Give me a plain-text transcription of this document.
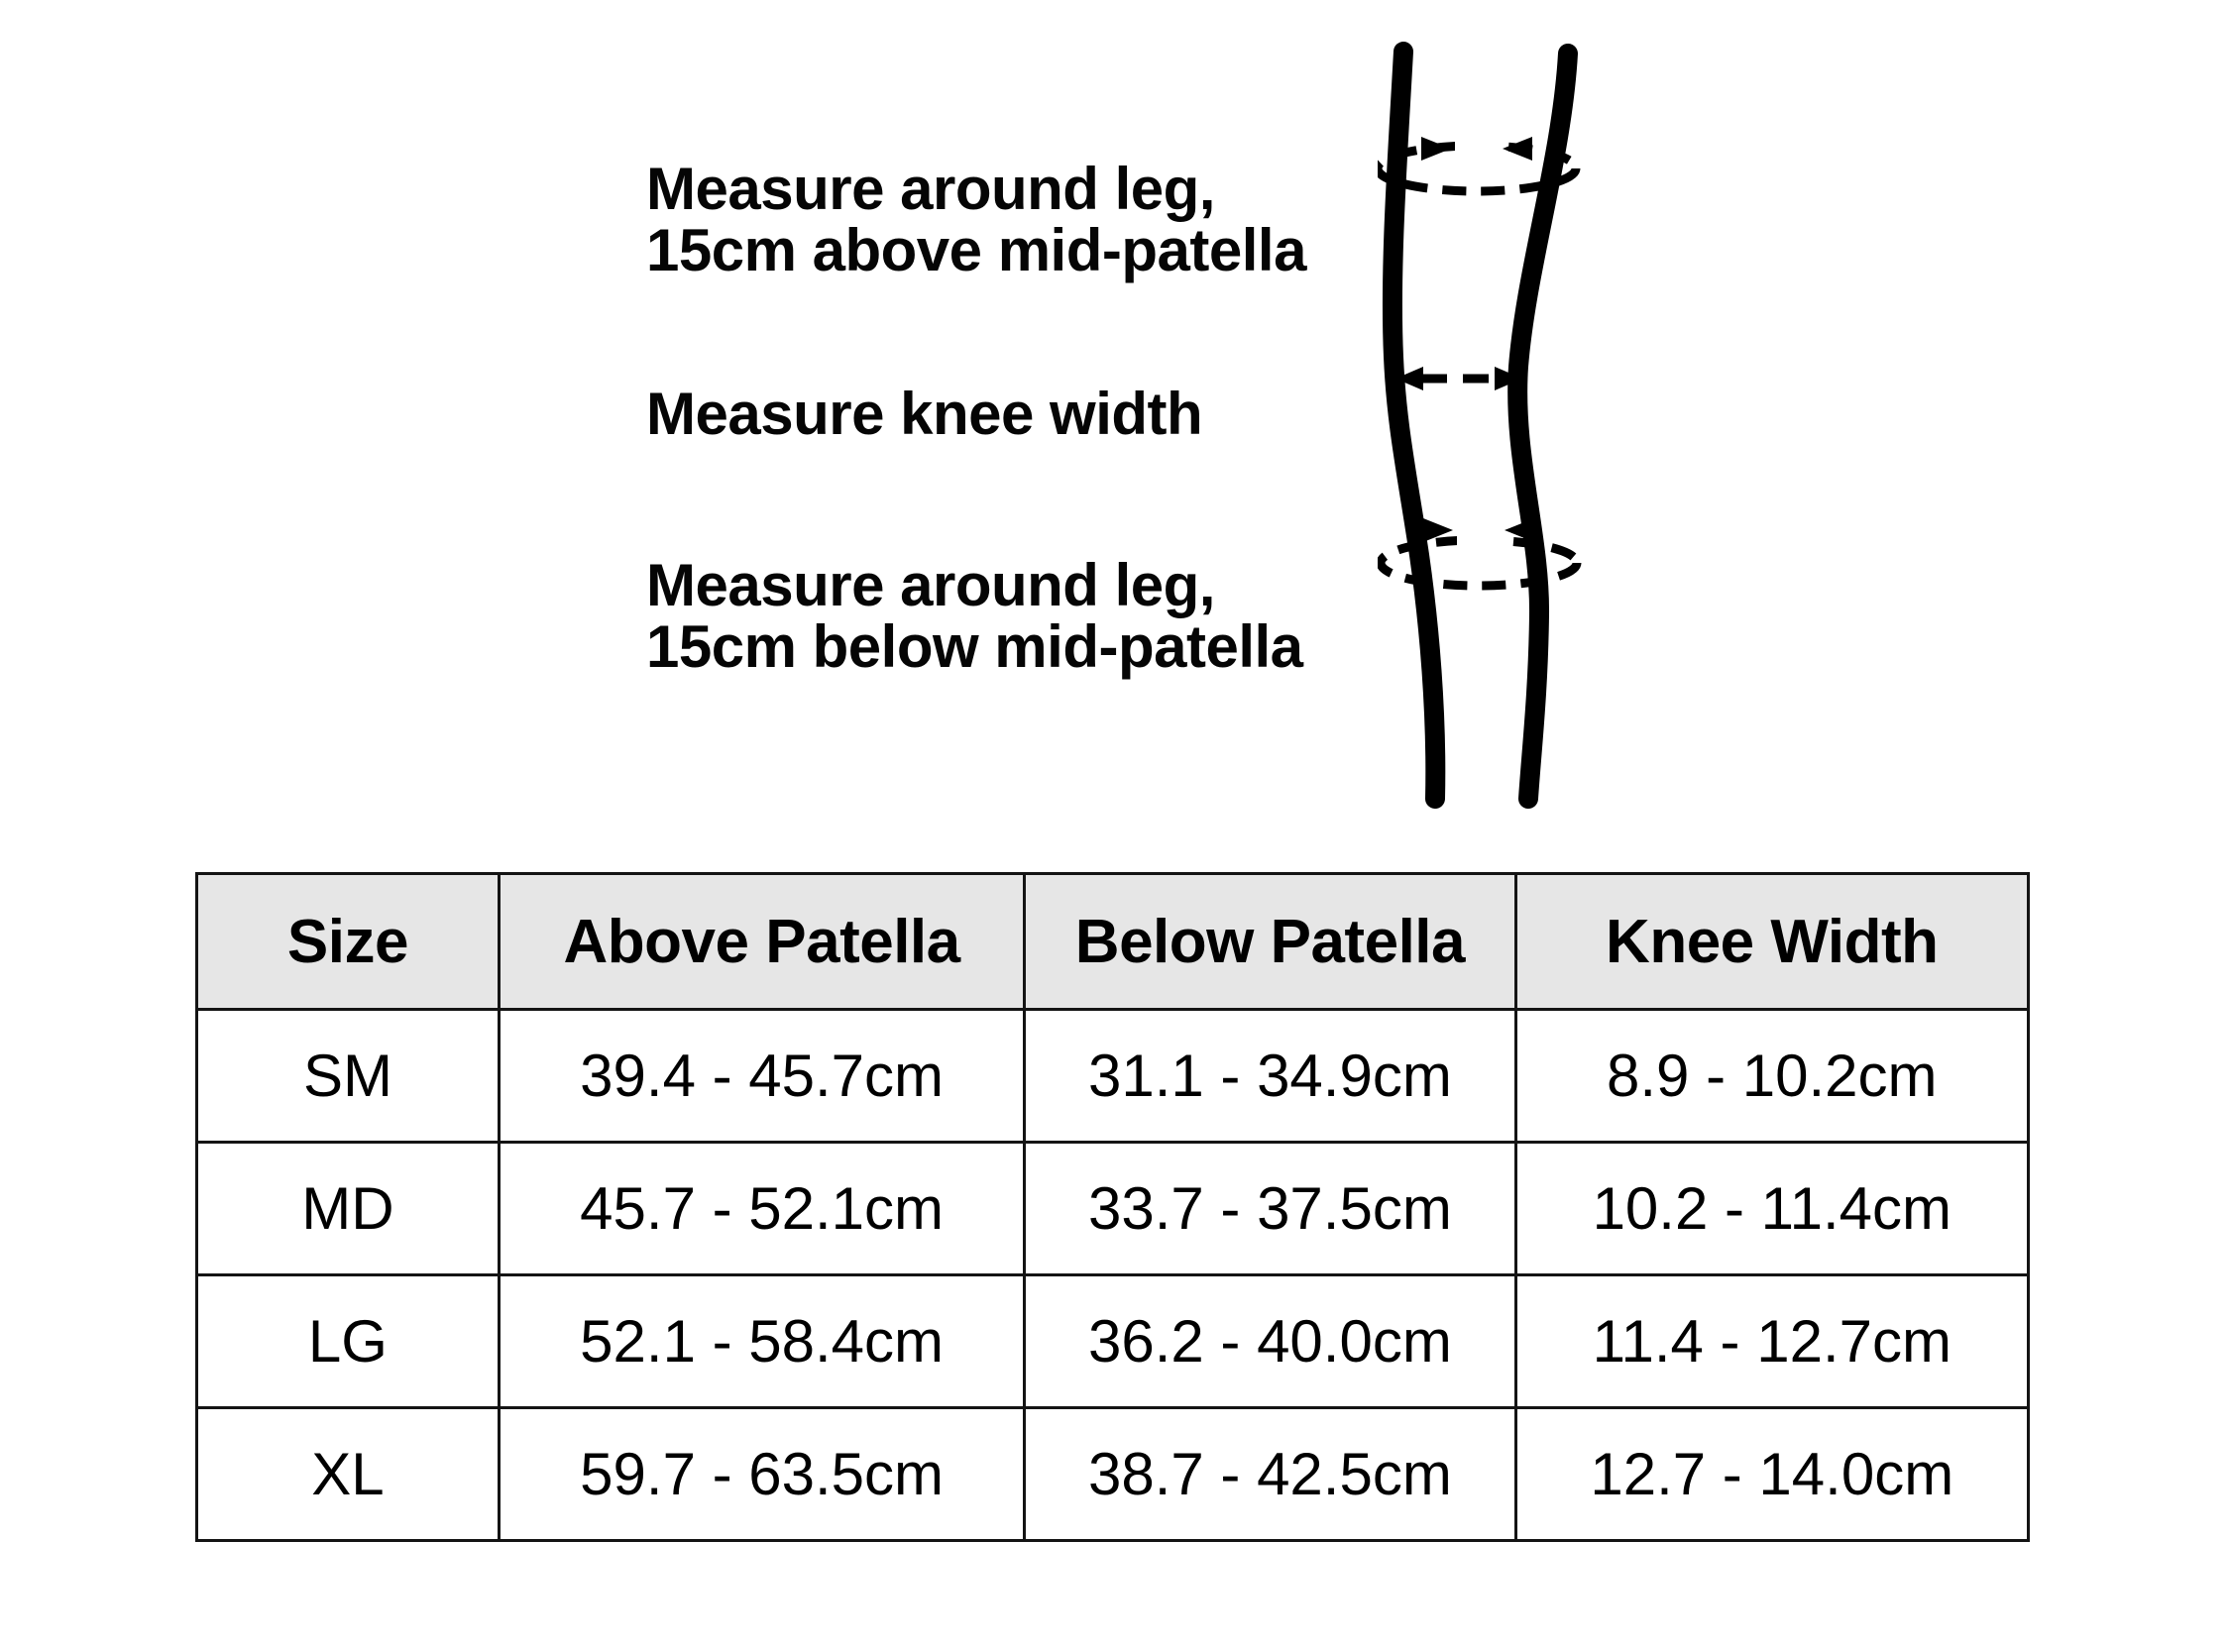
Measure around leg,
15cm above mid-patella
Measure knee width
Measure around leg,
15cm below mid-patella
Size	Above Patella	Below Patella	Knee Width
SM	39.4 - 45.7cm	31.1 - 34.9cm	8.9 - 10.2cm
MD	45.7 - 52.1cm	33.7 - 37.5cm	10.2 - 11.4cm
LG	52.1 - 58.4cm	36.2 - 40.0cm	11.4 - 12.7cm
XL	59.7 - 63.5cm	38.7 - 42.5cm	12.7 - 14.0cm
